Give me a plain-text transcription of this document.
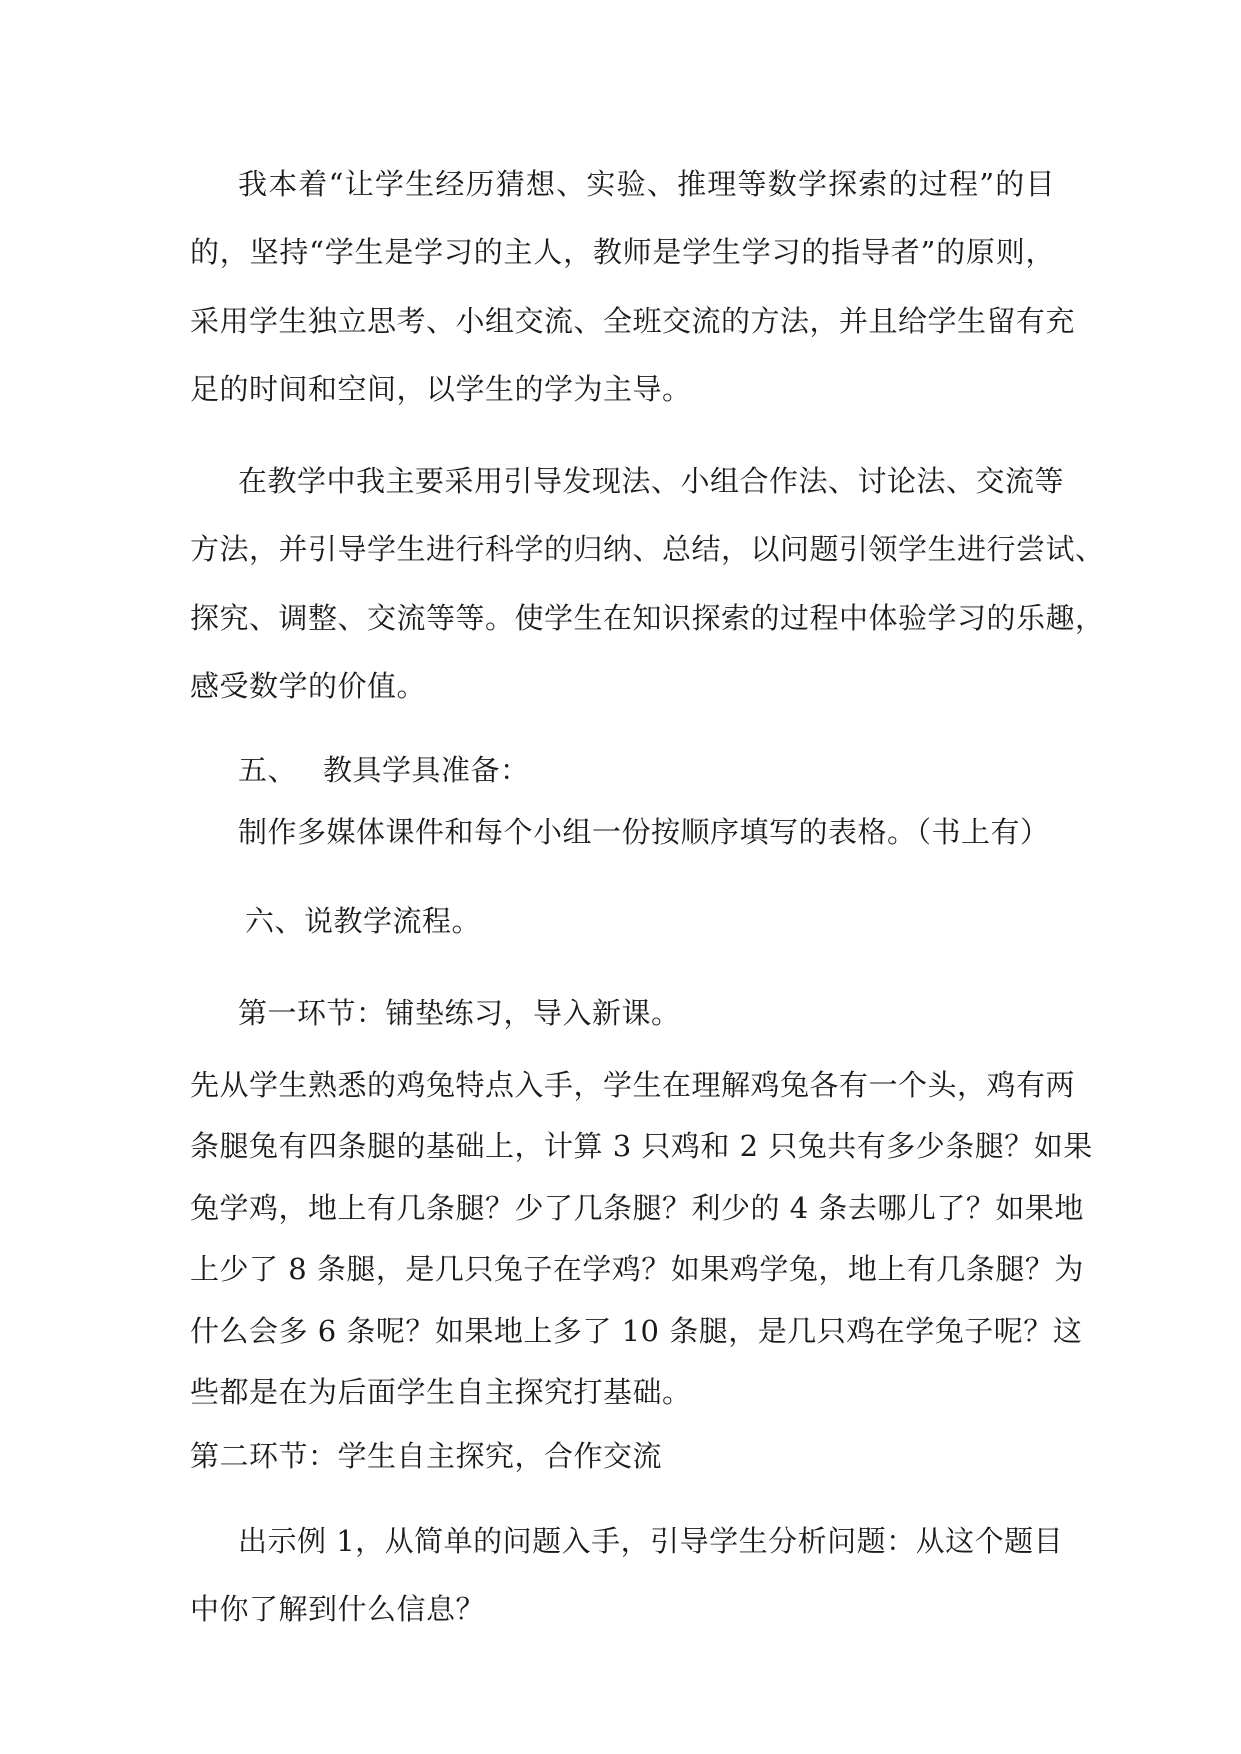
我本着“让学生经历猜想、实验、推理等数学探索的过程”的目
的，坚持“学生是学习的主人，教师是学生学习的指导者”的原则，
采用学生独立思考、小组交流、全班交流的方法，并且给学生留有充
足的时间和空间，以学生的学为主导。
在教学中我主要采用引导发现法、小组合作法、讨论法、交流等
方法，并引导学生进行科学的归纳、总结，以问题引领学生进行尝试、
探究、调整、交流等等。使学生在知识探索的过程中体验学习的乐趣，
感受数学的价值。
五、 教具学具准备：
制作多媒体课件和每个小组一份按顺序填写的表格。（书上有）
六、说教学流程。
第一环节：铺垫练习，导入新课。
先从学生熟悉的鸡兔特点入手，学生在理解鸡兔各有一个头，鸡有两
条腿兔有四条腿的基础上，计算 3 只鸡和 2 只兔共有多少条腿？如果
兔学鸡，地上有几条腿？少了几条腿？利少的 4 条去哪儿了？如果地
上少了 8 条腿，是几只兔子在学鸡？如果鸡学兔，地上有几条腿？为
什么会多 6 条呢？如果地上多了 10 条腿，是几只鸡在学兔子呢？这
些都是在为后面学生自主探究打基础。
第二环节：学生自主探究，合作交流
出示例 1，从简单的问题入手，引导学生分析问题：从这个题目
中你了解到什么信息？
